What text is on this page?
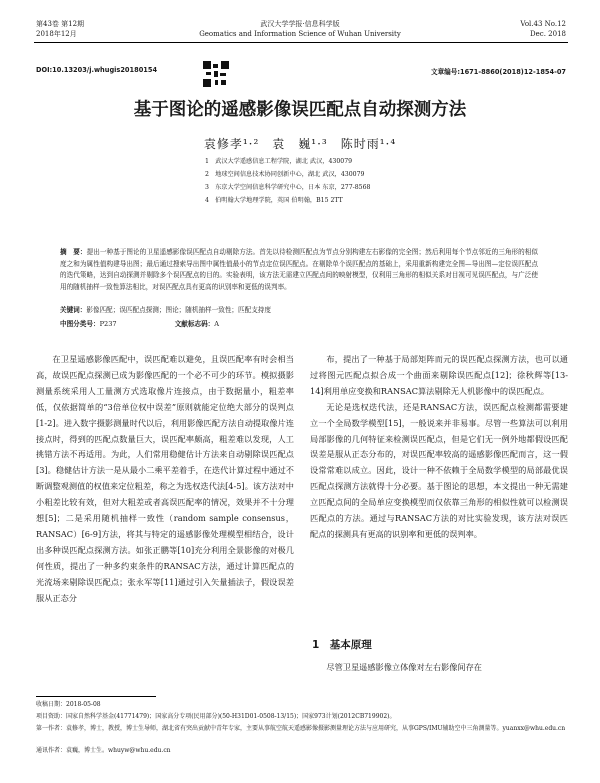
第43卷 第12期
2018年12月
武汉大学学报·信息科学版
Geomatics and Information Science of Wuhan University
Vol.43 No.12
Dec. 2018
DOI:10.13203/j.whugis20180154	文章编号:1671-8860(2018)12-1854-07
基于图论的遥感影像误匹配点自动探测方法
袁修孝¹·²　袁　巍¹·³　陈时雨¹·⁴
1　武汉大学遥感信息工程学院，湖北 武汉，430079
2　地球空间信息技术协同创新中心，湖北 武汉，430079
3　东京大学空间信息科学研究中心，日本 东京，277-8568
4　伯明翰大学地理学院，英国 伯明翰，B15 2TT
摘　要：提出一种基于图论的卫星遥感影像误匹配点自动剔除方法。首先以待检测匹配点为节点分别构建左右影像的完全图；然后利用每个节点邻近的三角形的相似度之和为属性值构建导出图；最后通过搜索导出图中属性值最小的节点定位误匹配点。在剔除单个误匹配点的基础上，采用重新构建完全图—导出图—定位误匹配点的迭代策略，达到自动探测并剔除多个误匹配点的目的。实验表明，该方法无需建立匹配点间的映射模型，仅利用三角形的相似关系对目视可见误匹配点，与广泛使用的随机抽样一致性算法相比，对误匹配点具有更高的识别率和更低的误判率。
关键词：影像匹配；误匹配点探测；图论；随机抽样一致性；匹配支持度
中图分类号：P237	文献标志码：A

在卫星遥感影像匹配中，误匹配难以避免，且误匹配率有时会相当高，故误匹配点探测已成为影像匹配的一个必不可少的环节。模拟摄影测量系统采用人工量测方式选取像片连接点，由于数据量小，粗差率低，仅依据简单的“3倍单位权中误差”原则就能定位绝大部分的误判点[1-2]。进入数字摄影测量时代以后，利用影像匹配方法自动提取像片连接点时，得到的匹配点数量巨大，误匹配率颇高，粗差难以发现，人工挑错方法不再适用。为此，人们常用稳健估计方法来自动剔除误匹配点[3]。稳健估计方法一是从最小二乘平差着手，在迭代计算过程中通过不断调整观测值的权值来定位粗差，称之为选权迭代法[4-5]。该方法对中小粗差比较有效，但对大粗差或者高误匹配率的情况，效果并不十分理想[5]；二是采用随机抽样一致性（random sample consensus，RANSAC）[6-9]方法，将其与特定的遥感影像处理模型相结合，设计出多种误匹配点探测方法。如张正鹏等[10]充分利用全景影像的对极几何性质，提出了一种多约束条件的RANSAC方法，通过计算匹配点的光流场来剔除误匹配点；张永军等[11]通过引入矢量插法子，假设误差服从正态分

布，提出了一种基于局部矩阵而元的误匹配点探测方法，也可以通过将图元匹配点拟合成一个曲面来剔除误匹配点[12]；徐秋辉等[13-14]利用单应变换和RANSAC算法剔除无人机影像中的误匹配点。

无论是选权迭代法，还是RANSAC方法，误匹配点检测都需要建立一个全局数学模型[15]，一般说来并非易事。尽管一些算法可以利用局部影像的几何特征来检测误匹配点，但是它们无一例外地都假设匹配误差是服从正态分布的，对误匹配率较高的遥感影像匹配而言，这一假设常常难以成立。因此，设计一种不依赖于全局数学模型的局部最优误匹配点探测方法就得十分必要。基于图论的思想，本文提出一种无需建立匹配点间的全局单应变换模型而仅依靠三角形的相似性就可以检测误匹配点的方法。通过与RANSAC方法的对比实验发现，该方法对误匹配点的探测具有更高的识别率和更低的误判率。

1　基本原理
尽管卫星遥感影像立体像对左右影像间存在
收稿日期：2018-05-08
项目资助：国家自然科学基金(41771479)；国家高分专项(民用部分)(50-H31D01-0508-13/15)；国家973计划(2012CB719902)。
第一作者：袁修孝，博士，教授，博士生导师，湖北省有突出贡献中青年专家，主要从事航空航天遥感影像摄影测量理论方法与应用研究，从事GPS/IMU辅助空中三角测量等。yuanxx@whu.edu.cn
通讯作者：袁巍，博士生。whuyw@whu.edu.cn
